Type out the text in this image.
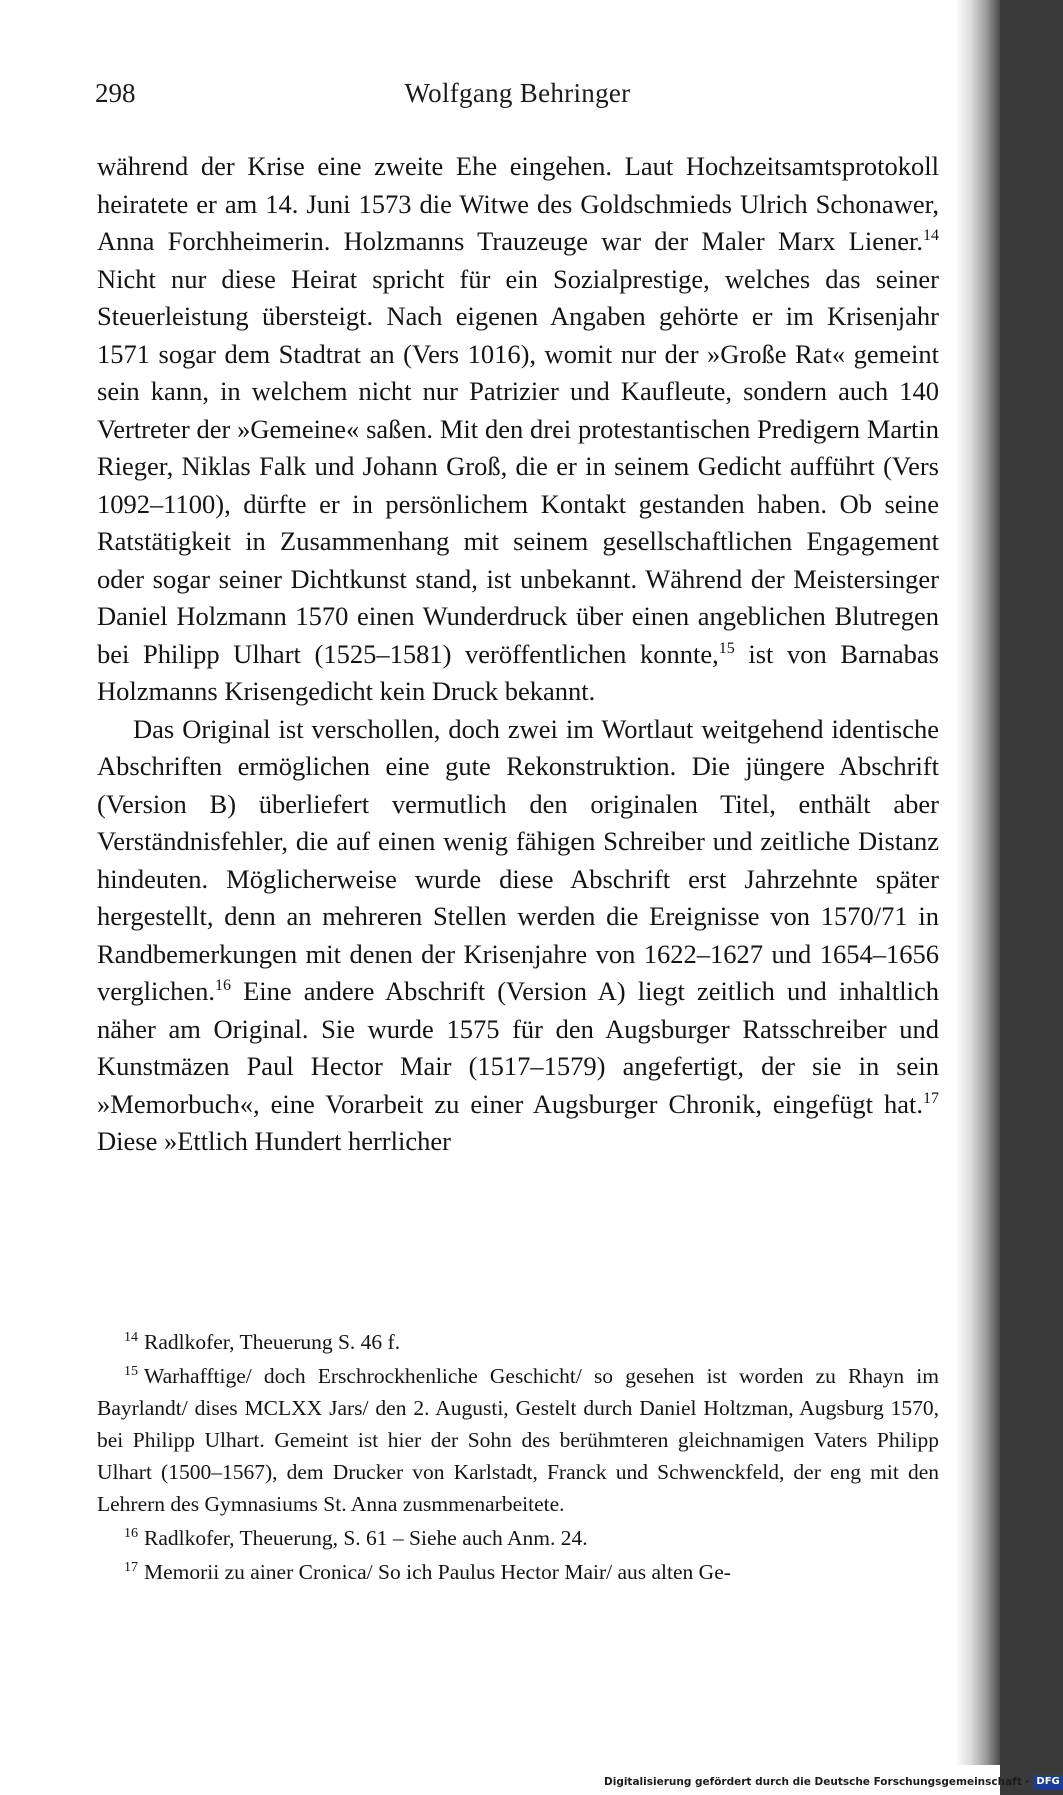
298	Wolfgang Behringer

während der Krise eine zweite Ehe eingehen. Laut Hochzeitsamtsprotokoll heiratete er am 14. Juni 1573 die Witwe des Goldschmieds Ulrich Schonawer, Anna Forchheimerin. Holzmanns Trauzeuge war der Maler Marx Liener.$^{14}$ Nicht nur diese Heirat spricht für ein Sozialprestige, welches das seiner Steuerleistung übersteigt. Nach eigenen Angaben gehörte er im Krisenjahr 1571 sogar dem Stadtrat an (Vers 1016), womit nur der »Große Rat« gemeint sein kann, in welchem nicht nur Patrizier und Kaufleute, sondern auch 140 Vertreter der »Gemeine« saßen. Mit den drei protestantischen Predigern Martin Rieger, Niklas Falk und Johann Groß, die er in seinem Gedicht aufführt (Vers 1092–1100), dürfte er in persönlichem Kontakt gestanden haben. Ob seine Ratstätigkeit in Zusammenhang mit seinem gesellschaftlichen Engagement oder sogar seiner Dichtkunst stand, ist unbekannt. Während der Meistersinger Daniel Holzmann 1570 einen Wunderdruck über einen angeblichen Blutregen bei Philipp Ulhart (1525–1581) veröffentlichen konnte,$^{15}$ ist von Barnabas Holzmanns Krisengedicht kein Druck bekannt.

Das Original ist verschollen, doch zwei im Wortlaut weitgehend identische Abschriften ermöglichen eine gute Rekonstruktion. Die jüngere Abschrift (Version B) überliefert vermutlich den originalen Titel, enthält aber Verständnisfehler, die auf einen wenig fähigen Schreiber und zeitliche Distanz hindeuten. Möglicherweise wurde diese Abschrift erst Jahrzehnte später hergestellt, denn an mehreren Stellen werden die Ereignisse von 1570/71 in Randbemerkungen mit denen der Krisenjahre von 1622–1627 und 1654–1656 verglichen.$^{16}$ Eine andere Abschrift (Version A) liegt zeitlich und inhaltlich näher am Original. Sie wurde 1575 für den Augsburger Ratsschreiber und Kunstmäzen Paul Hector Mair (1517–1579) angefertigt, der sie in sein »Memorbuch«, eine Vorarbeit zu einer Augsburger Chronik, eingefügt hat.$^{17}$ Diese »Ettlich Hundert herrlicher

$^{14}$ Radlkofer, Theuerung S. 46 f.

$^{15}$ Warhafftige/ doch Erschrockhenliche Geschicht/ so gesehen ist worden zu Rhayn im Bayrlandt/ dises MCLXX Jars/ den 2. Augusti, Gestelt durch Daniel Holtzman, Augsburg 1570, bei Philipp Ulhart. Gemeint ist hier der Sohn des berühmteren gleichnamigen Vaters Philipp Ulhart (1500–1567), dem Drucker von Karlstadt, Franck und Schwenckfeld, der eng mit den Lehrern des Gymnasiums St. Anna zusmmenarbeitete.

$^{16}$ Radlkofer, Theuerung, S. 61 – Siehe auch Anm. 24.

$^{17}$ Memorii zu ainer Cronica/ So ich Paulus Hector Mair/ aus alten Ge-

Digitalisierung gefördert durch die Deutsche Forschungsgemeinschaft · DFG
